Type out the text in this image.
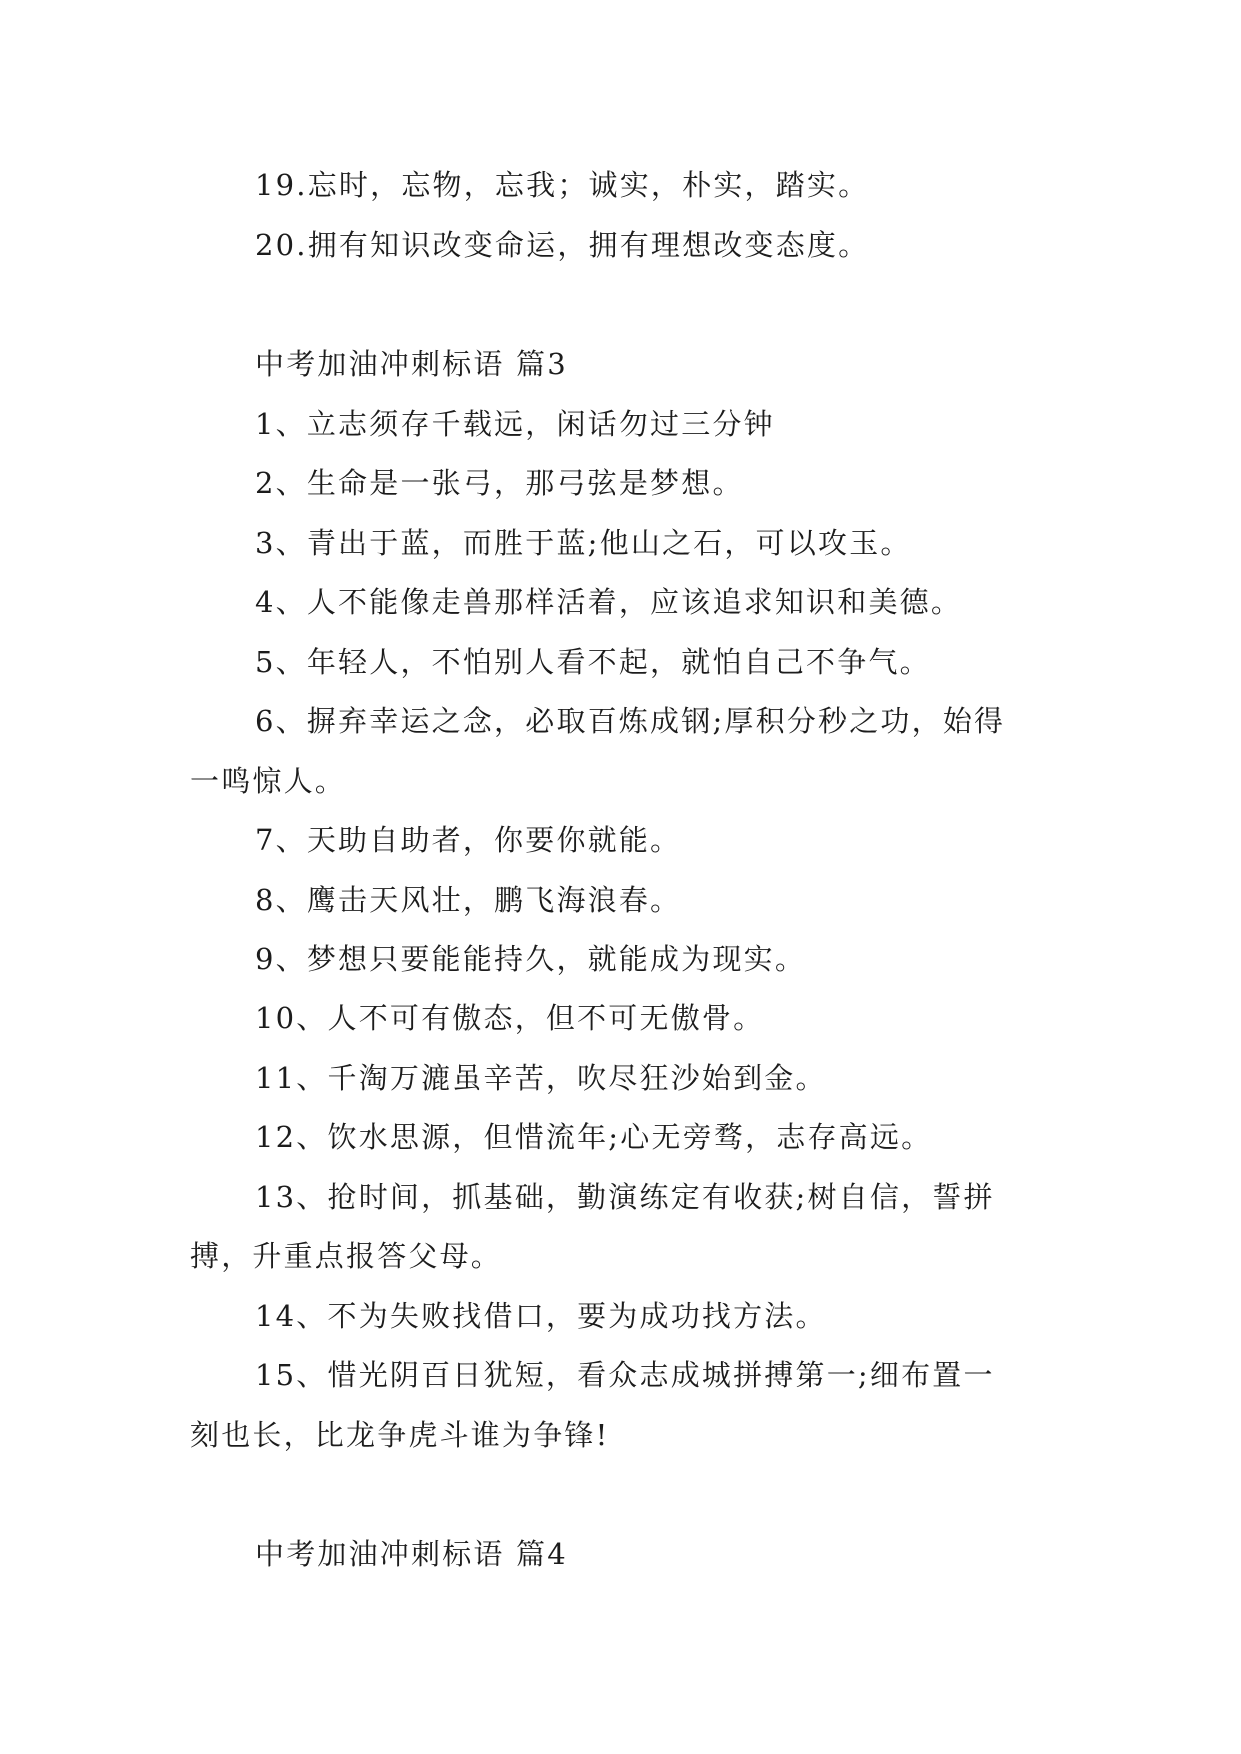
19.忘时，忘物，忘我；诚实，朴实，踏实。
20.拥有知识改变命运，拥有理想改变态度。
中考加油冲刺标语 篇3
1、立志须存千载远，闲话勿过三分钟
2、生命是一张弓，那弓弦是梦想。
3、青出于蓝，而胜于蓝;他山之石，可以攻玉。
4、人不能像走兽那样活着，应该追求知识和美德。
5、年轻人，不怕别人看不起，就怕自己不争气。
6、摒弃幸运之念，必取百炼成钢;厚积分秒之功，始得
一鸣惊人。
7、天助自助者，你要你就能。
8、鹰击天风壮，鹏飞海浪春。
9、梦想只要能能持久，就能成为现实。
10、人不可有傲态，但不可无傲骨。
11、千淘万漉虽辛苦，吹尽狂沙始到金。
12、饮水思源，但惜流年;心无旁骛，志存高远。
13、抢时间，抓基础，勤演练定有收获;树自信，誓拼
搏，升重点报答父母。
14、不为失败找借口，要为成功找方法。
15、惜光阴百日犹短，看众志成城拼搏第一;细布置一
刻也长，比龙争虎斗谁为争锋!
中考加油冲刺标语 篇4
